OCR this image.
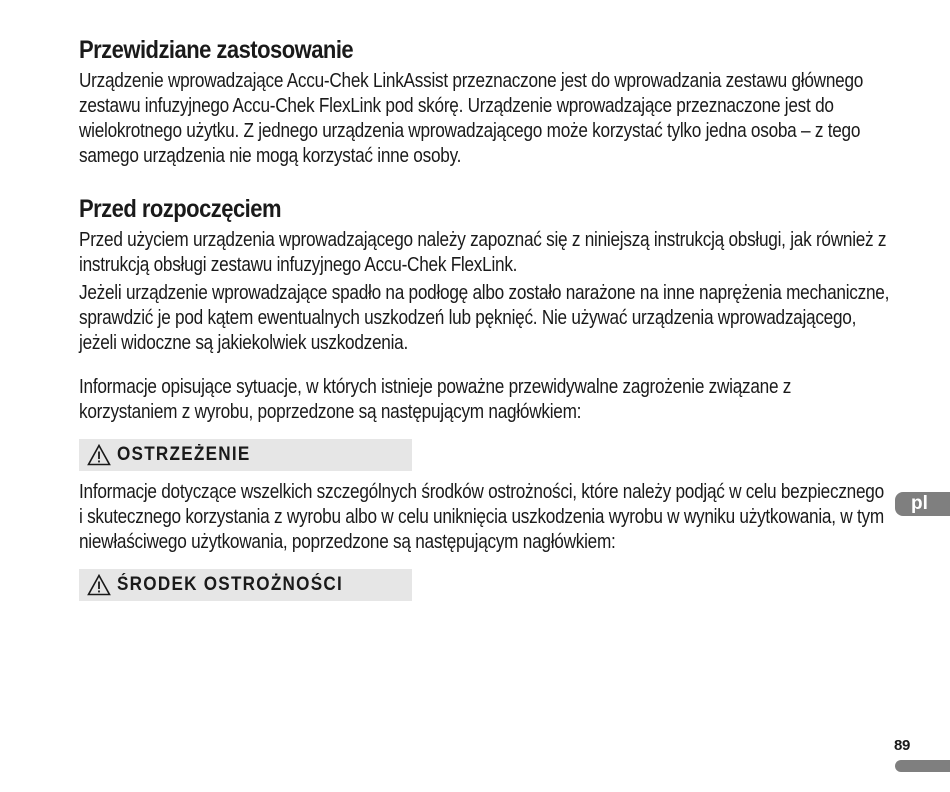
Przewidziane zastosowanie

Urządzenie wprowadzające Accu-Chek LinkAssist przeznaczone jest do wprowadzania zestawu głównego zestawu infuzyjnego Accu-Chek FlexLink pod skórę. Urządzenie wprowadzające przeznaczone jest do wielokrotnego użytku. Z jednego urządzenia wprowadzającego może korzystać tylko jedna osoba – z tego samego urządzenia nie mogą korzystać inne osoby.

Przed rozpoczęciem

Przed użyciem urządzenia wprowadzającego należy zapoznać się z niniejszą instrukcją obsługi, jak również z instrukcją obsługi zestawu infuzyjnego Accu-Chek FlexLink.

Jeżeli urządzenie wprowadzające spadło na podłogę albo zostało narażone na inne naprężenia mechaniczne, sprawdzić je pod kątem ewentualnych uszkodzeń lub pęknięć. Nie używać urządzenia wprowadzającego, jeżeli widoczne są jakiekolwiek uszkodzenia.

Informacje opisujące sytuacje, w których istnieje poważne przewidywalne zagrożenie związane z korzystaniem z wyrobu, poprzedzone są następującym nagłówkiem:

OSTRZEŻENIE

Informacje dotyczące wszelkich szczególnych środków ostrożności, które należy podjąć w celu bezpiecznego i skutecznego korzystania z wyrobu albo w celu uniknięcia uszkodzenia wyrobu w wyniku użytkowania, w tym niewłaściwego użytkowania, poprzedzone są następującym nagłówkiem:

ŚRODEK OSTROŻNOŚCI
pl
89
